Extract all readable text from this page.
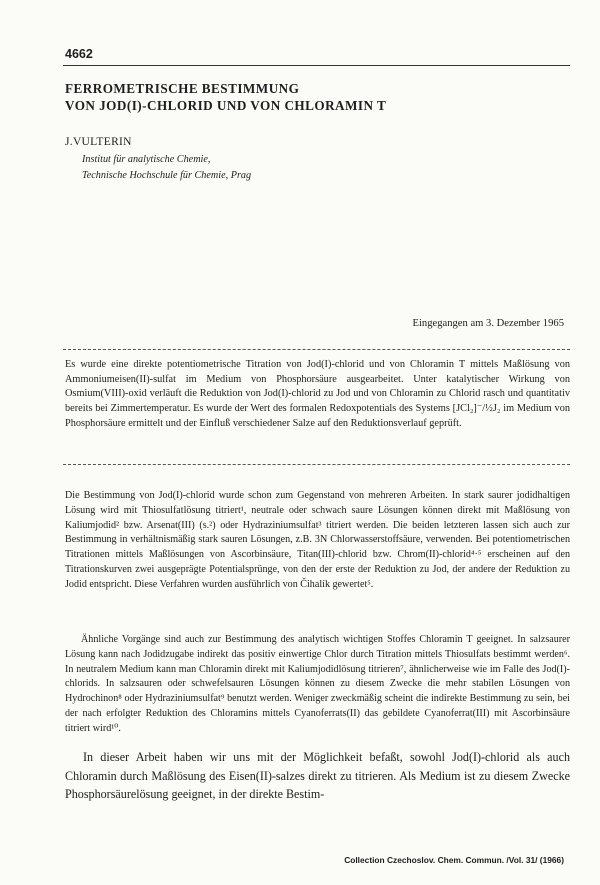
4662
FERROMETRISCHE BESTIMMUNG
VON JOD(I)-CHLORID UND VON CHLORAMIN T
J.VULTERIN
Institut für analytische Chemie,
Technische Hochschule für Chemie, Prag
Eingegangen am 3. Dezember 1965

Es wurde eine direkte potentiometrische Titration von Jod(I)-chlorid und von Chloramin T mittels Maßlösung von Ammoniumeisen(II)-sulfat im Medium von Phosphorsäure ausgearbeitet. Unter katalytischer Wirkung von Osmium(VIII)-oxid verläuft die Reduktion von Jod(I)-chlorid zu Jod und von Chloramin zu Chlorid rasch und quantitativ bereits bei Zimmertemperatur. Es wurde der Wert des formalen Redoxpotentials des Systems [JCl₂]⁻/½J₂ im Medium von Phosphorsäure ermittelt und der Einfluß verschiedener Salze auf den Reduktionsverlauf geprüft.

Die Bestimmung von Jod(I)-chlorid wurde schon zum Gegenstand von mehreren Arbeiten. In stark saurer jodidhaltigen Lösung wird mit Thiosulfatlösung titriert¹, neutrale oder schwach saure Lösungen können direkt mit Maßlösung von Kaliumjodid² bzw. Arsenat(III) (s.²) oder Hydraziniumsulfat³ titriert werden. Die beiden letzteren lassen sich auch zur Bestimmung in verhältnismäßig stark sauren Lösungen, z.B. 3N Chlorwasserstoffsäure, verwenden. Bei potentiometrischen Titrationen mittels Maßlösungen von Ascorbinsäure, Titan(III)-chlorid bzw. Chrom(II)-chlorid⁴·⁵ erscheinen auf den Titrationskurven zwei ausgeprägte Potentialsprünge, von den der erste der Reduktion zu Jod, der andere der Reduktion zu Jodid entspricht. Diese Verfahren wurden ausführlich von Čihalík gewertet⁵.

Ähnliche Vorgänge sind auch zur Bestimmung des analytisch wichtigen Stoffes Chloramin T geeignet. In salzsaurer Lösung kann nach Jodidzugabe indirekt das positiv einwertige Chlor durch Titration mittels Thiosulfats bestimmt werden⁶. In neutralem Medium kann man Chloramin direkt mit Kaliumjodidlösung titrieren⁷, ähnlicherweise wie im Falle des Jod(I)-chlorids. In salzsauren oder schwefelsauren Lösungen können zu diesem Zwecke die mehr stabilen Lösungen von Hydrochinon⁸ oder Hydraziniumsulfat⁹ benutzt werden. Weniger zweckmäßig scheint die indirekte Bestimmung zu sein, bei der nach erfolgter Reduktion des Chloramins mittels Cyanoferrats(II) das gebildete Cyanoferrat(III) mit Ascorbinsäure titriert wird¹⁰.

In dieser Arbeit haben wir uns mit der Möglichkeit befaßt, sowohl Jod(I)-chlorid als auch Chloramin durch Maßlösung des Eisen(II)-salzes direkt zu titrieren. Als Medium ist zu diesem Zwecke Phosphorsäurelösung geeignet, in der direkte Bestim-

Collection Czechoslov. Chem. Commun. /Vol. 31/ (1966)
